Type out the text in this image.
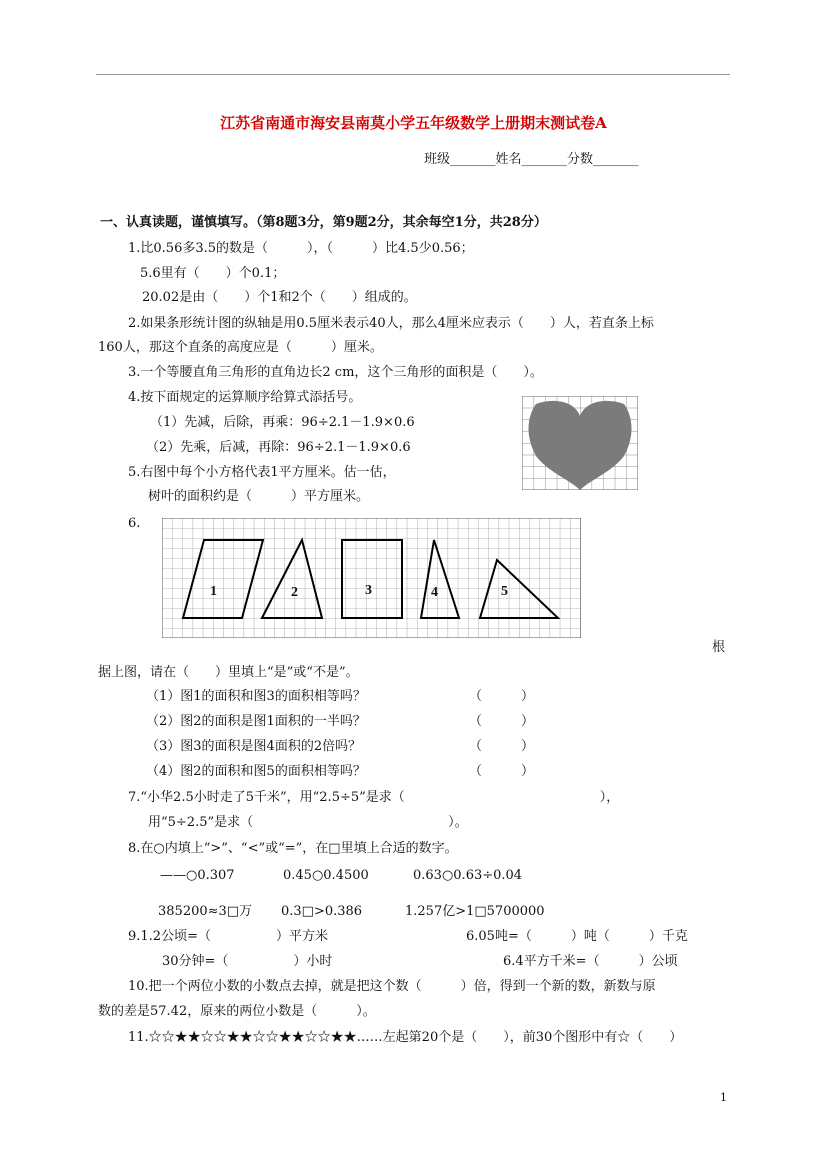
江苏省南通市海安县南莫小学五年级数学上册期末测试卷A
班级_______姓名_______分数_______
一、认真读题，谨慎填写。（第8题3分，第9题2分，其余每空1分，共28分）
1.比0.56多3.5的数是（　　　），（　　　）比4.5少0.56；
5.6里有（　　）个0.1；
20.02是由（　　）个1和2个（　　）组成的。
2.如果条形统计图的纵轴是用0.5厘米表示40人，那么4厘米应表示（　　）人，若直条上标
160人，那这个直条的高度应是（　　　）厘米。
3.一个等腰直角三角形的直角边长2 cm，这个三角形的面积是（　　）。
4.按下面规定的运算顺序给算式添括号。
（1）先减，后除，再乘：96÷2.1－1.9×0.6
（2）先乘，后减，再除：96÷2.1－1.9×0.6
5.右图中每个小方格代表1平方厘米。估一估，
树叶的面积约是（　　　）平方厘米。
6.
1	2	3	4	5
根
据上图，请在（　　）里填上“是”或“不是”。
（1）图1的面积和图3的面积相等吗？	（　　　）
（2）图2的面积是图1面积的一半吗？	（　　　）
（3）图3的面积是图4面积的2倍吗？	（　　　）
（4）图2的面积和图5的面积相等吗？	（　　　）
7.“小华2.5小时走了5千米”，用“2.5÷5”是求（　　　　　　　　　　　　　　　），
用“5÷2.5”是求（　　　　　　　　　　　　　　　）。
8.在○内填上“>”、“<”或“=”，在□里填上合适的数字。
——○0.307	0.45○0.4500	0.63○0.63÷0.04
385200≈3□万 0.3□>0.386	1.257亿>1□5700000
9.1.2公顷=（　　　　　）平方米	6.05吨=（　　　）吨（　　　）千克
30分钟=（　　　　　）小时	6.4平方千米=（　　　）公顷
10.把一个两位小数的小数点去掉，就是把这个数（　　　）倍，得到一个新的数，新数与原
数的差是57.42，原来的两位小数是（　　　）。
11.☆☆★★☆☆★★☆☆★★☆☆★★……左起第20个是（　　），前30个图形中有☆（　　）
1
